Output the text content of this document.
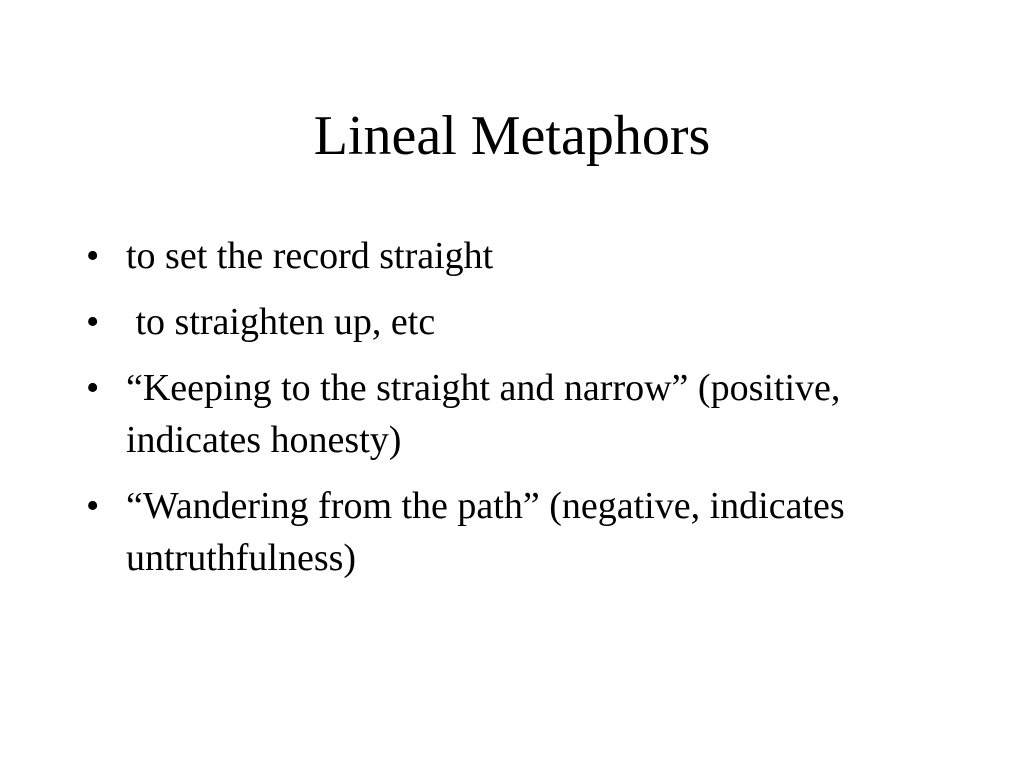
Lineal Metaphors
• to set the record straight
• to straighten up, etc
• “Keeping to the straight and narrow” (positive, indicates honesty)
• “Wandering from the path” (negative, indicates untruthfulness)
